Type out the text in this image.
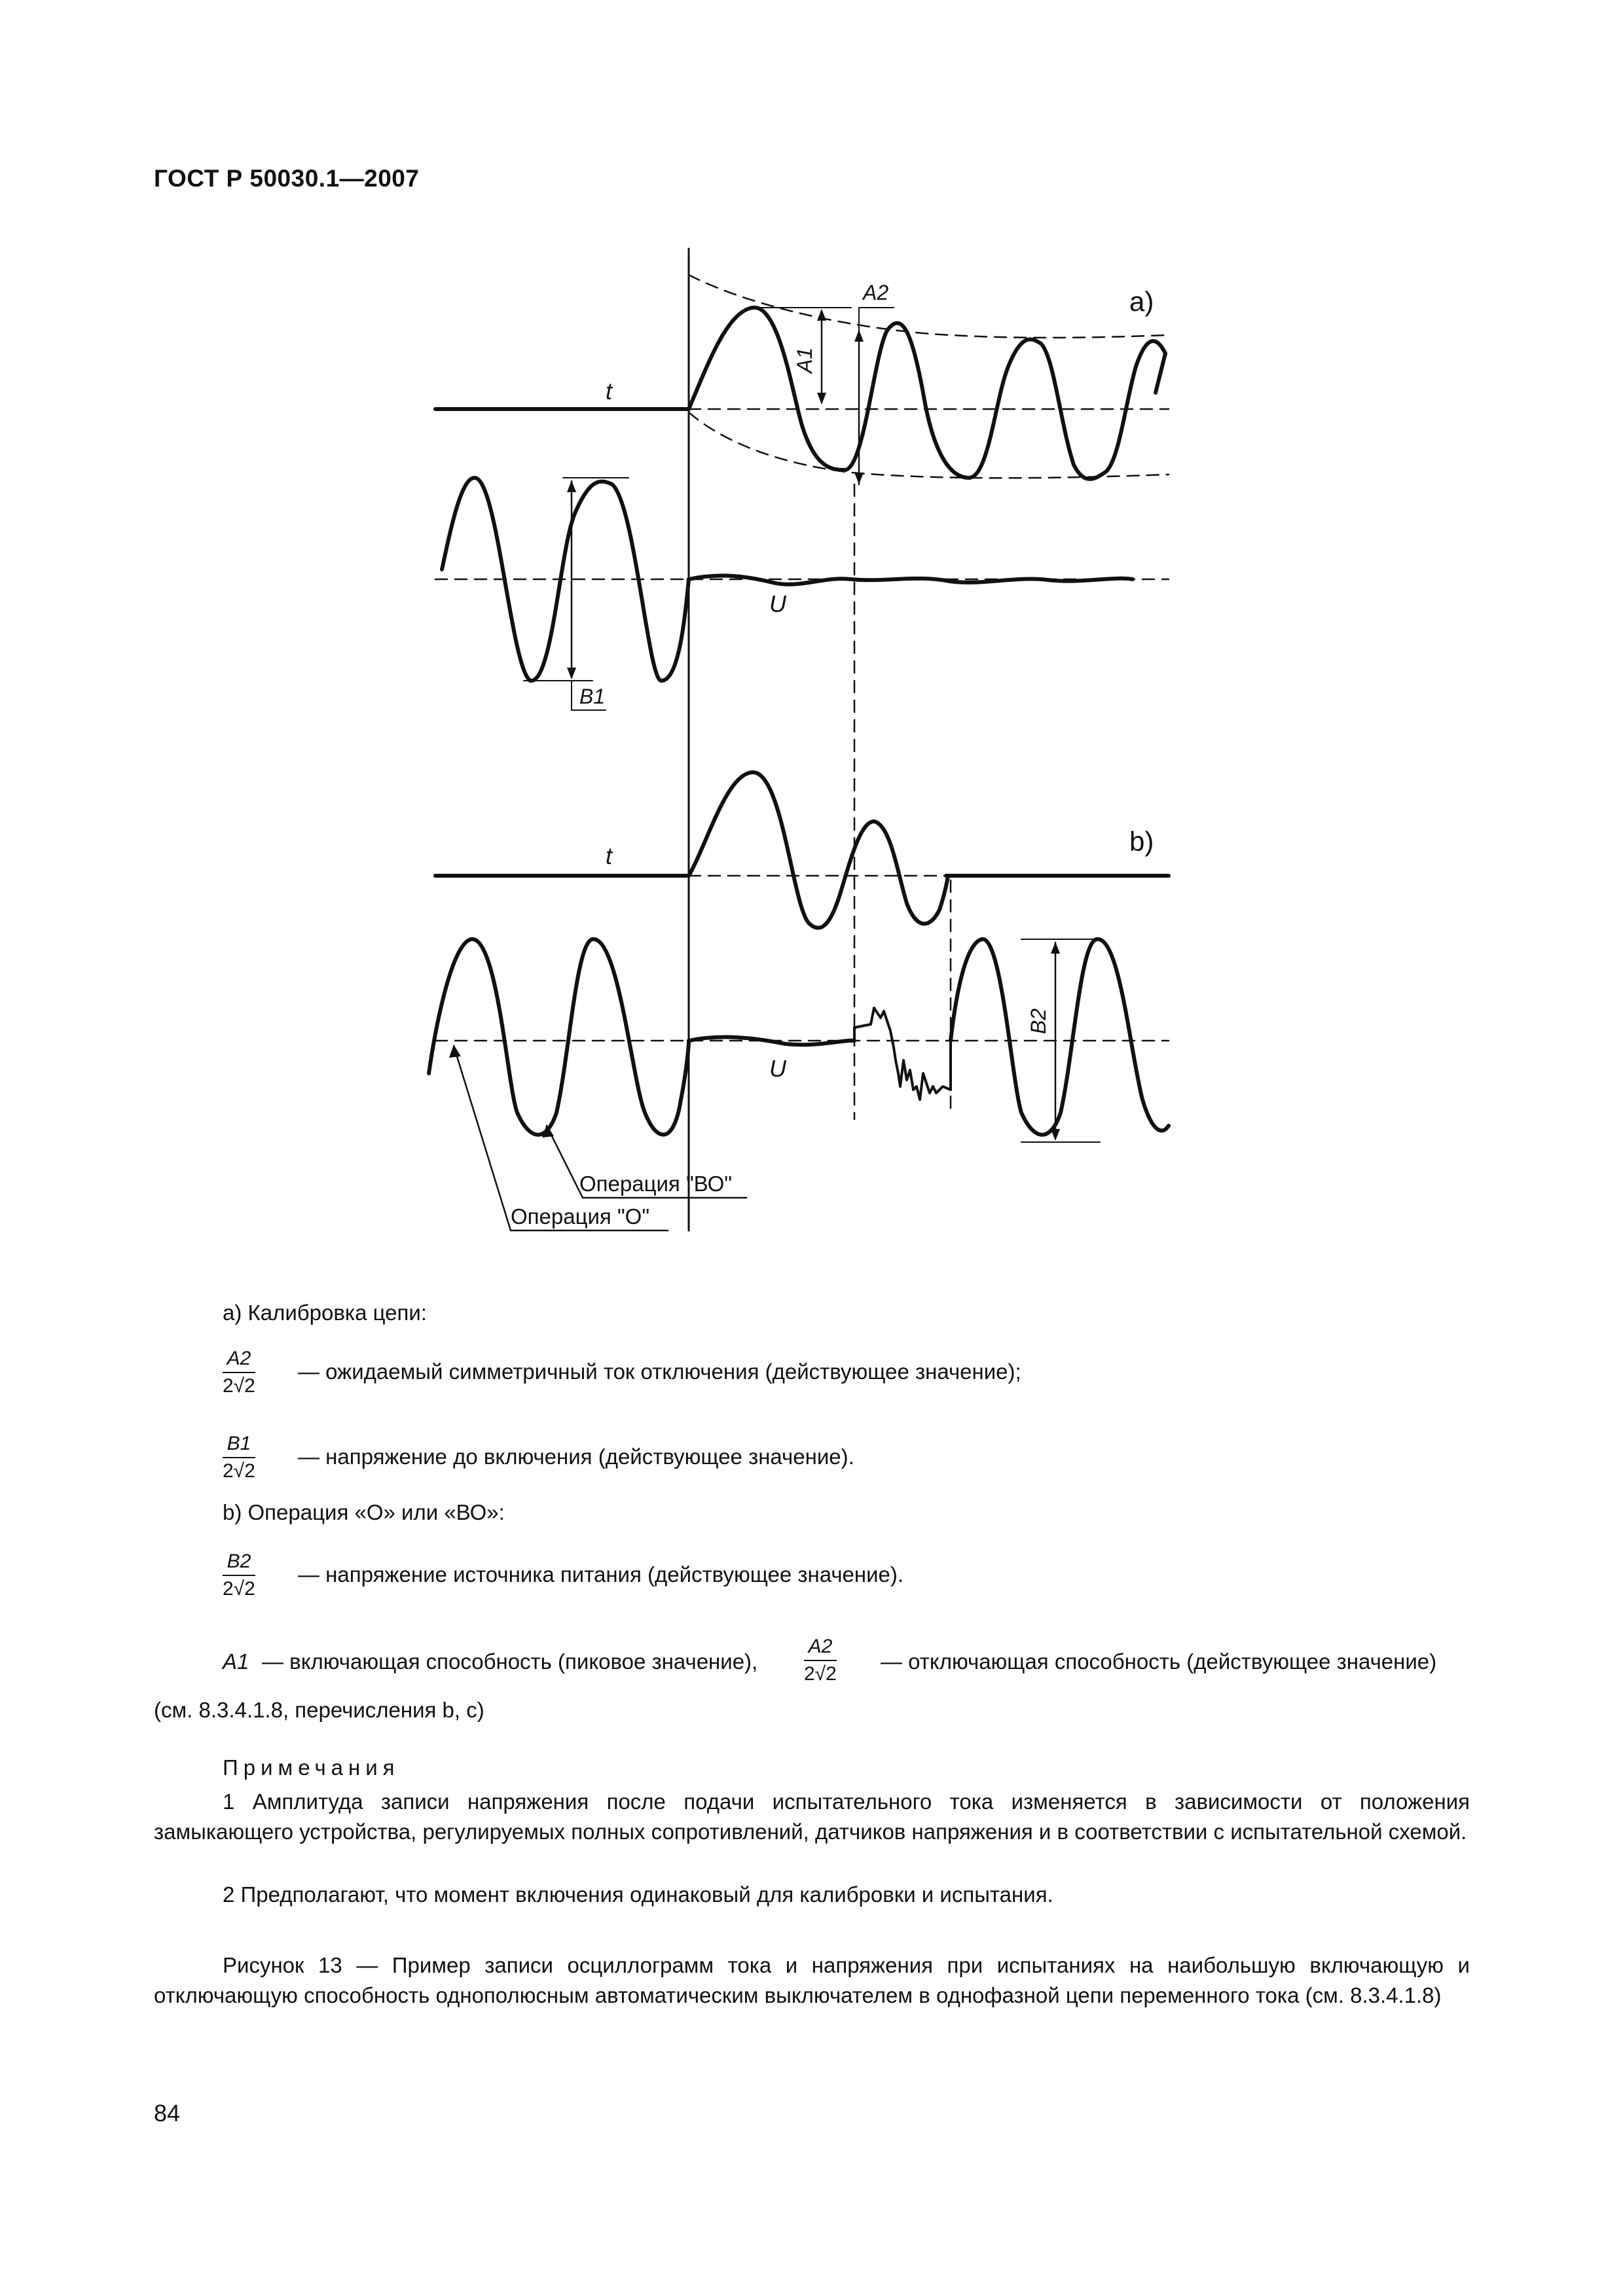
ГОСТ Р 50030.1—2007
a)
b)
t
t
U
U
A2
B1
A1
B2
Операция "ВО"
Операция "О"
a) Калибровка цепи:
$\frac{A2}{2√2}$ — ожидаемый симметричный ток отключения (действующее значение);
$\frac{B1}{2√2}$ — напряжение до включения (действующее значение).
b) Операция «О» или «ВО»:
$\frac{B2}{2√2}$ — напряжение источника питания (действующее значение).
A1 — включающая способность (пиковое значение), $\frac{A2}{2√2}$ — отключающая способность (действующее значение)
(см. 8.3.4.1.8, перечисления b, c)
Примечания
1 Амплитуда записи напряжения после подачи испытательного тока изменяется в зависимости от положения замыкающего устройства, регулируемых полных сопротивлений, датчиков напряжения и в соответствии с испытательной схемой.
2 Предполагают, что момент включения одинаковый для калибровки и испытания.
Рисунок 13 — Пример записи осциллограмм тока и напряжения при испытаниях на наибольшую включающую и отключающую способность однополюсным автоматическим выключателем в однофазной цепи переменного тока (см. 8.3.4.1.8)
84
